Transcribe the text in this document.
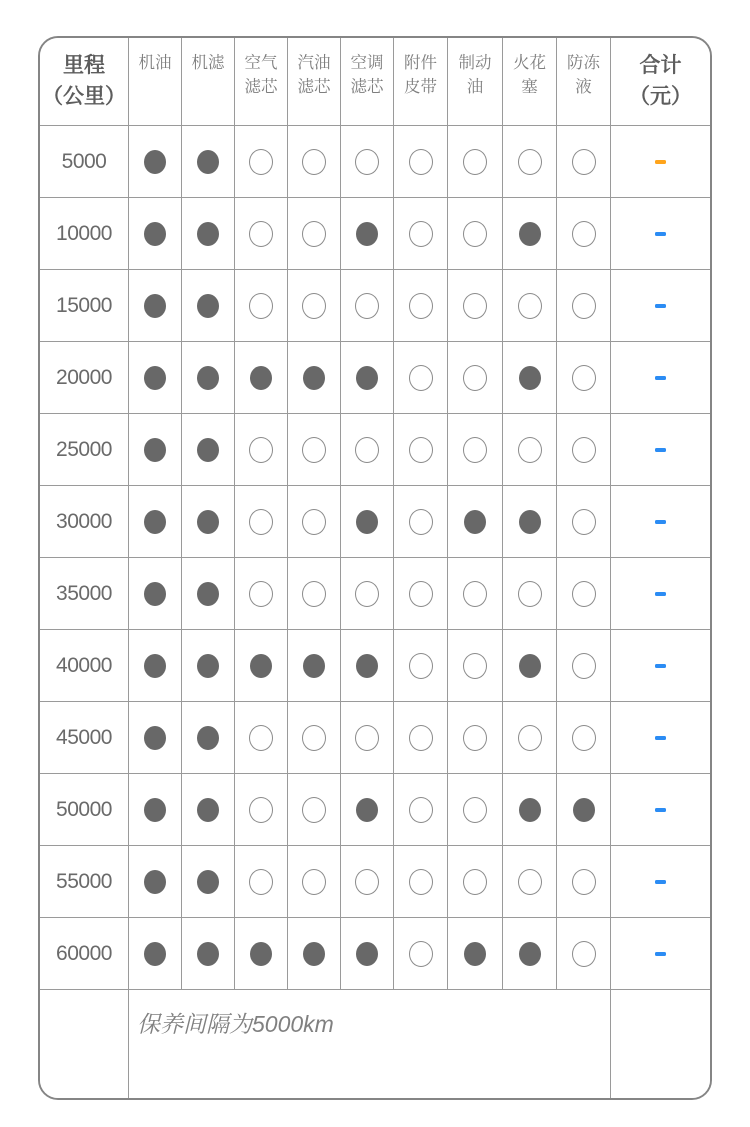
里程
（公里）
机油 机滤 空气
滤芯
汽油
滤芯
空调
滤芯
附件
皮带
制动
油
火花
塞
防冻
液
合计
（元）
5000
10000
15000
20000
25000
30000
35000
40000
45000
50000
55000
60000
保养间隔为5000km
